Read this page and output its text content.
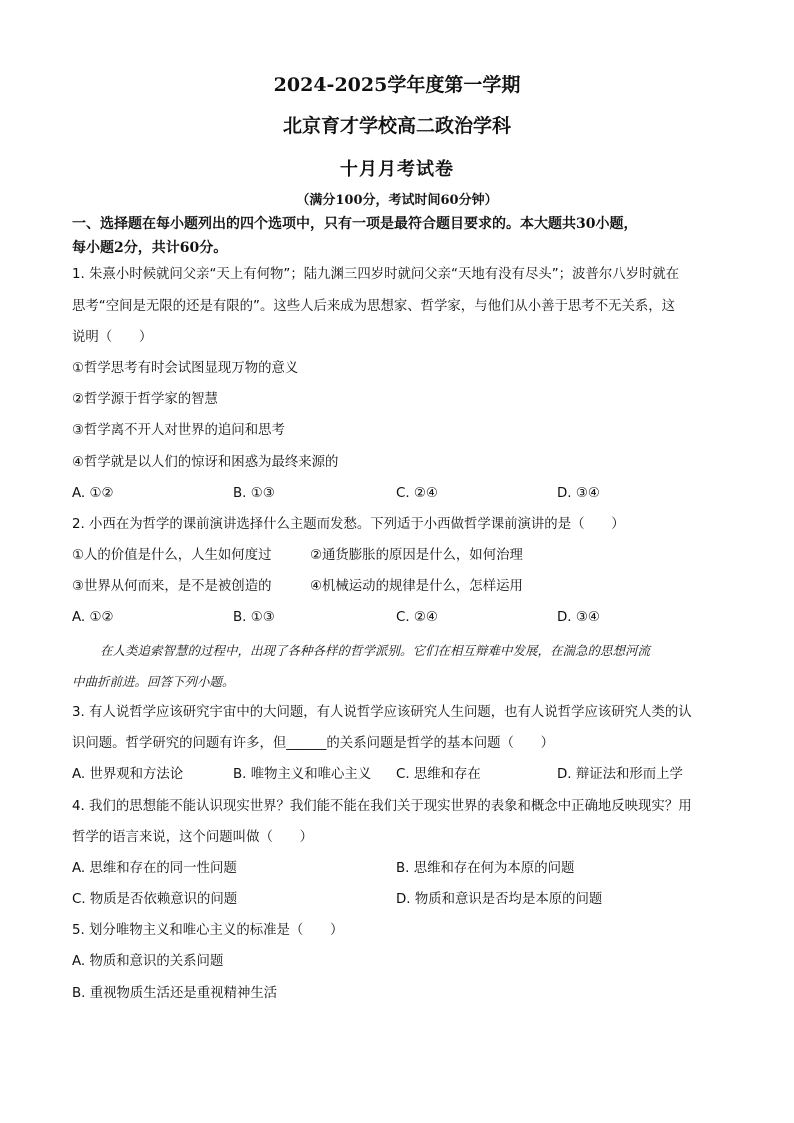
2024-2025学年度第一学期
北京育才学校高二政治学科
十月月考试卷
（满分100分，考试时间60分钟）
一、选择题在每小题列出的四个选项中，只有一项是最符合题目要求的。本大题共30小题，
每小题2分，共计60分。
1. 朱熹小时候就问父亲“天上有何物”；陆九渊三四岁时就问父亲“天地有没有尽头”；波普尔八岁时就在
思考“空间是无限的还是有限的”。这些人后来成为思想家、哲学家，与他们从小善于思考不无关系，这
说明（　　）
①哲学思考有时会试图显现万物的意义
②哲学源于哲学家的智慧
③哲学离不开人对世界的追问和思考
④哲学就是以人们的惊讶和困惑为最终来源的
A. ①②	B. ①③	C. ②④	D. ③④
2. 小西在为哲学的课前演讲选择什么主题而发愁。下列适于小西做哲学课前演讲的是（　　）
①人的价值是什么，人生如何度过	②通货膨胀的原因是什么，如何治理
③世界从何而来，是不是被创造的	④机械运动的规律是什么，怎样运用
A. ①②	B. ①③	C. ②④	D. ③④
在人类追索智慧的过程中，出现了各种各样的哲学派别。它们在相互辩难中发展，在湍急的思想河流
中曲折前进。回答下列小题。
3. 有人说哲学应该研究宇宙中的大问题，有人说哲学应该研究人生问题，也有人说哲学应该研究人类的认
识问题。哲学研究的问题有许多，但______的关系问题是哲学的基本问题（　　）
A. 世界观和方法论	B. 唯物主义和唯心主义 C. 思维和存在	D. 辩证法和形而上学
4. 我们的思想能不能认识现实世界？我们能不能在我们关于现实世界的表象和概念中正确地反映现实？用
哲学的语言来说，这个问题叫做（　　）
A. 思维和存在的同一性问题	B. 思维和存在何为本原的问题
C. 物质是否依赖意识的问题	D. 物质和意识是否均是本原的问题
5. 划分唯物主义和唯心主义的标准是（　　）
A. 物质和意识的关系问题
B. 重视物质生活还是重视精神生活
